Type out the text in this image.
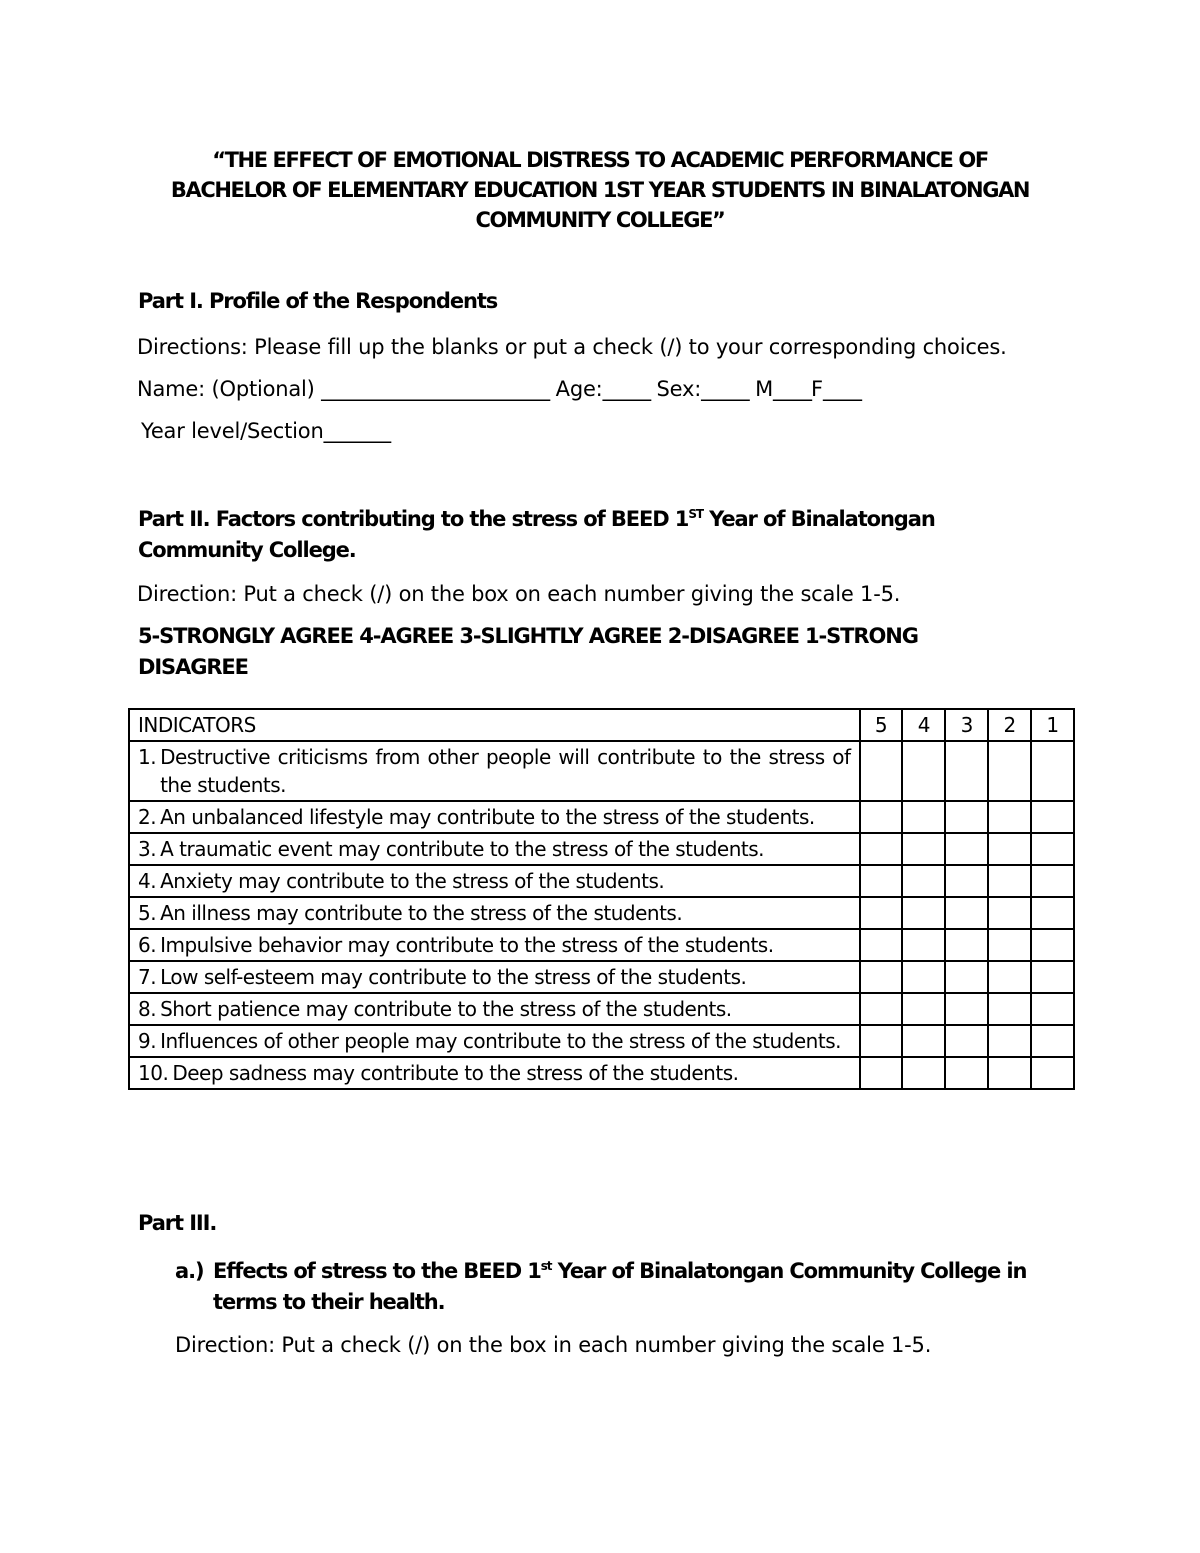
“THE EFFECT OF EMOTIONAL DISTRESS TO ACADEMIC PERFORMANCE OF
BACHELOR OF ELEMENTARY EDUCATION 1ST YEAR STUDENTS IN BINALATONGAN
COMMUNITY COLLEGE”
Part I. Profile of the Respondents
Directions: Please fill up the blanks or put a check (/) to your corresponding choices.
Name: (Optional) ________________________ Age:_____ Sex:_____ M____F____
Year level/Section_______
Part II. Factors contributing to the stress of BEED 1ST Year of Binalatongan Community College.
Direction: Put a check (/) on the box on each number giving the scale 1-5.
5-STRONGLY AGREE 4-AGREE 3-SLIGHTLY AGREE 2-DISAGREE 1-STRONG DISAGREE
INDICATORS	5	4	3	2	1

1. Destructive criticisms from other people will contribute to the stress of the students.					

2. An unbalanced lifestyle may contribute to the stress of the students.					

3. A traumatic event may contribute to the stress of the students.					

4. Anxiety may contribute to the stress of the students.					

5. An illness may contribute to the stress of the students.					

6. Impulsive behavior may contribute to the stress of the students.					

7. Low self-esteem may contribute to the stress of the students.					

8. Short patience may contribute to the stress of the students.					

9. Influences of other people may contribute to the stress of the students.					

10. Deep sadness may contribute to the stress of the students.					

Part III.
a.) Effects of stress to the BEED 1st Year of Binalatongan Community College in terms to their health.
Direction: Put a check (/) on the box in each number giving the scale 1-5.
